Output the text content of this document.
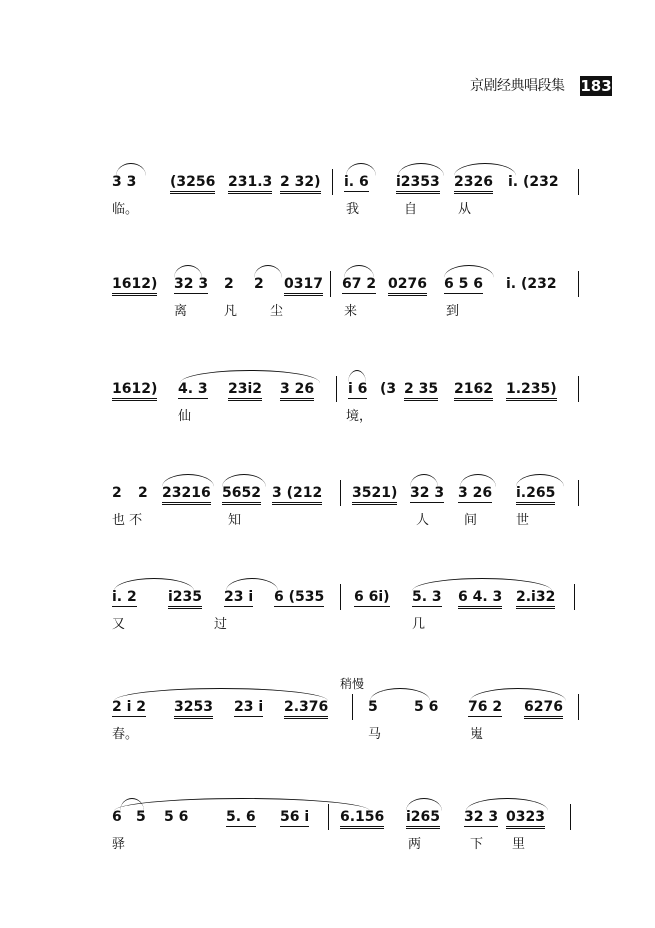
京剧经典唱段集	183
3 3 (3256 231.3 2 32) i. 6 i2353 2326 i. (232
临。	我	自	从
1612) 32 3 2 2 0317 67 2 0276 6 5 6 i. (232
离	凡	尘	来	到
1612) 4. 3 23i2 3 26 i 6 (3 2 35 2162 1.235)
仙	境，
2 2 23216 5652 3 (212 3521) 32 3 3 26 i.265
也 不	知	人	间	世
i. 2 i235 23 i 6 (535 6 6i) 5. 3 6 4. 3 2.i32
又	过	几
稍慢
2 i 2 3253 23 i 2.376	5	5 6 76 2 6276
春。	马	嵬
6 5 5 6	5. 6 56 i 6.156 i265 32 3 0323
驿	两	下 里
